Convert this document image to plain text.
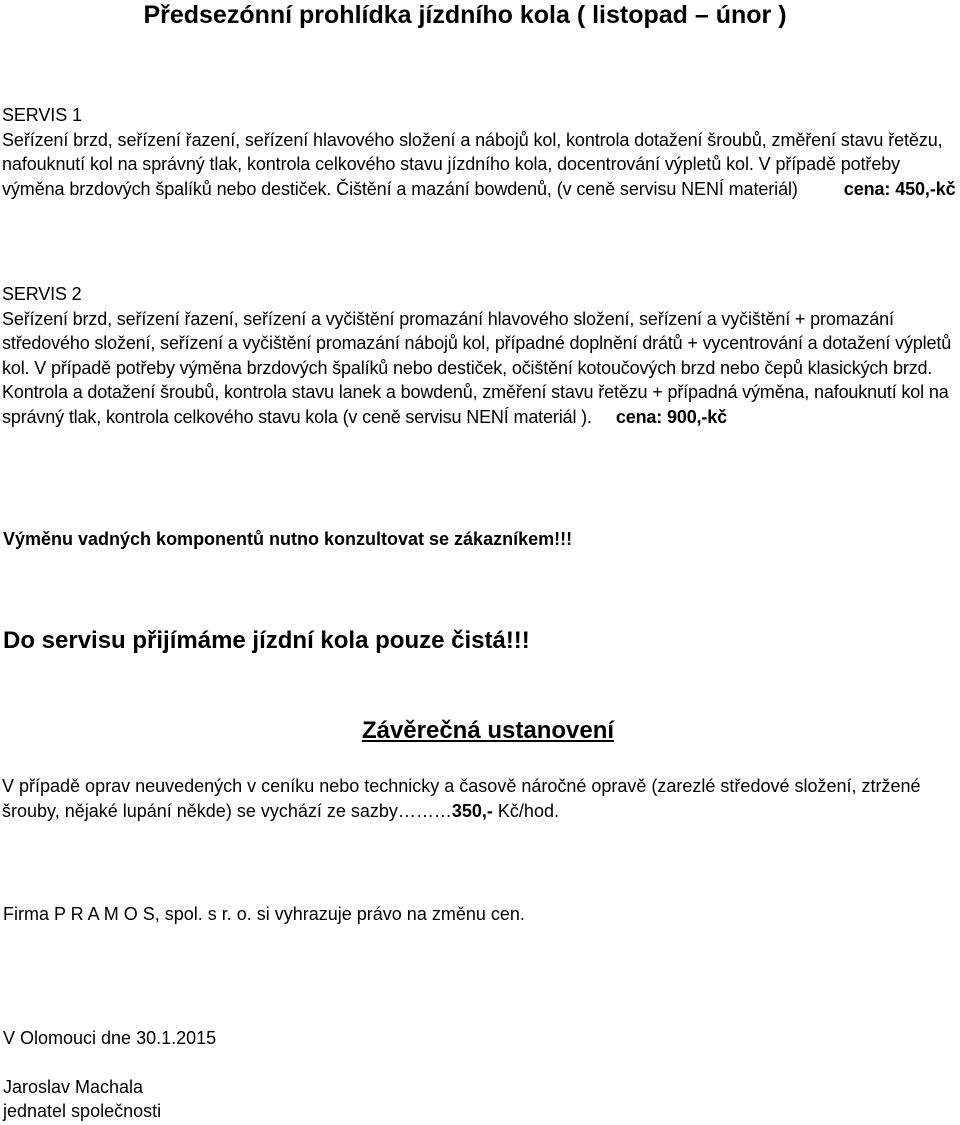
Předsezónní prohlídka jízdního kola ( listopad – únor )
SERVIS 1
Seřízení brzd, seřízení řazení, seřízení hlavového složení a nábojů kol, kontrola dotažení šroubů, změření stavu řetězu, nafouknutí kol na správný tlak, kontrola celkového stavu jízdního kola, docentrování výpletů kol. V případě potřeby výměna brzdových špalíků nebo destiček. Čištění a mazání bowdenů, (v ceně servisu NENÍ materiál)	cena: 450,-kč
SERVIS 2
Seřízení brzd, seřízení řazení, seřízení a vyčištění promazání hlavového složení, seřízení a vyčištění + promazání středového složení, seřízení a vyčištění promazání nábojů kol, případné doplnění drátů + vycentrování a dotažení výpletů kol. V případě potřeby výměna brzdových špalíků nebo destiček, očištění kotoučových brzd nebo čepů klasických brzd. Kontrola a dotažení šroubů, kontrola stavu lanek a bowdenů, změření stavu řetězu + případná výměna, nafouknutí kol na správný tlak, kontrola celkového stavu kola (v ceně servisu NENÍ materiál ). cena: 900,-kč
Výměnu vadných komponentů nutno konzultovat se zákazníkem!!!
Do servisu přijímáme jízdní kola pouze čistá!!!
Závěrečná ustanovení
V případě oprav neuvedených v ceníku nebo technicky a časově náročné opravě (zarezlé středové složení, ztržené šrouby, nějaké lupání někde) se vychází ze sazby………350,- Kč/hod.
Firma P R A M O S, spol. s r. o. si vyhrazuje právo na změnu cen.
V Olomouci dne 30.1.2015
Jaroslav Machala
jednatel společnosti
